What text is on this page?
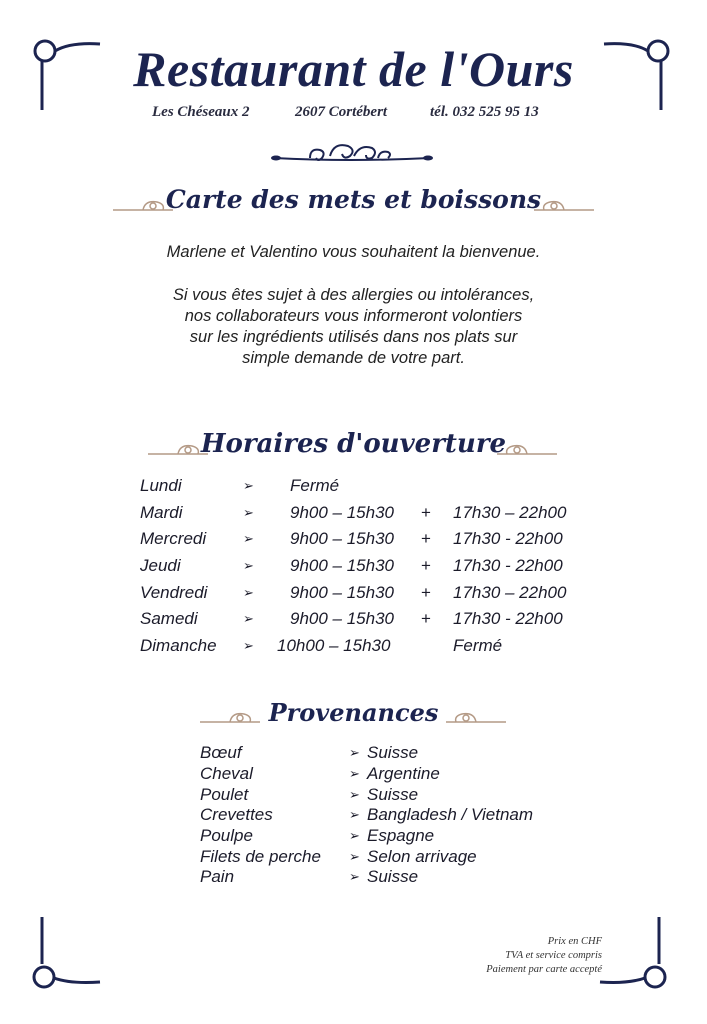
Restaurant de l'Ours
Les Chéseaux 2	2607 Cortébert	tél. 032 525 95 13
Carte des mets et boissons
Marlene et Valentino vous souhaitent la bienvenue.
Si vous êtes sujet à des allergies ou intolérances,
nos collaborateurs vous informeront volontiers
sur les ingrédients utilisés dans nos plats sur
simple demande de votre part.
Horaires d'ouverture
Lundi	➢ Fermé
Mardi	➢ 9h00 – 15h30 + 17h30 – 22h00
Mercredi	➢ 9h00 – 15h30 + 17h30 - 22h00
Jeudi	➢ 9h00 – 15h30 + 17h30 - 22h00
Vendredi	➢ 9h00 – 15h30 + 17h30 – 22h00
Samedi	➢ 9h00 – 15h30 + 17h30 - 22h00
Dimanche ➢ 10h00 – 15h30	Fermé
Provenances
Bœuf	➢ Suisse
Cheval	➢ Argentine
Poulet	➢ Suisse
Crevettes	➢ Bangladesh / Vietnam
Poulpe	➢ Espagne
Filets de perche ➢ Selon arrivage
Pain	➢ Suisse
Prix en CHF
TVA et service compris
Paiement par carte accepté
